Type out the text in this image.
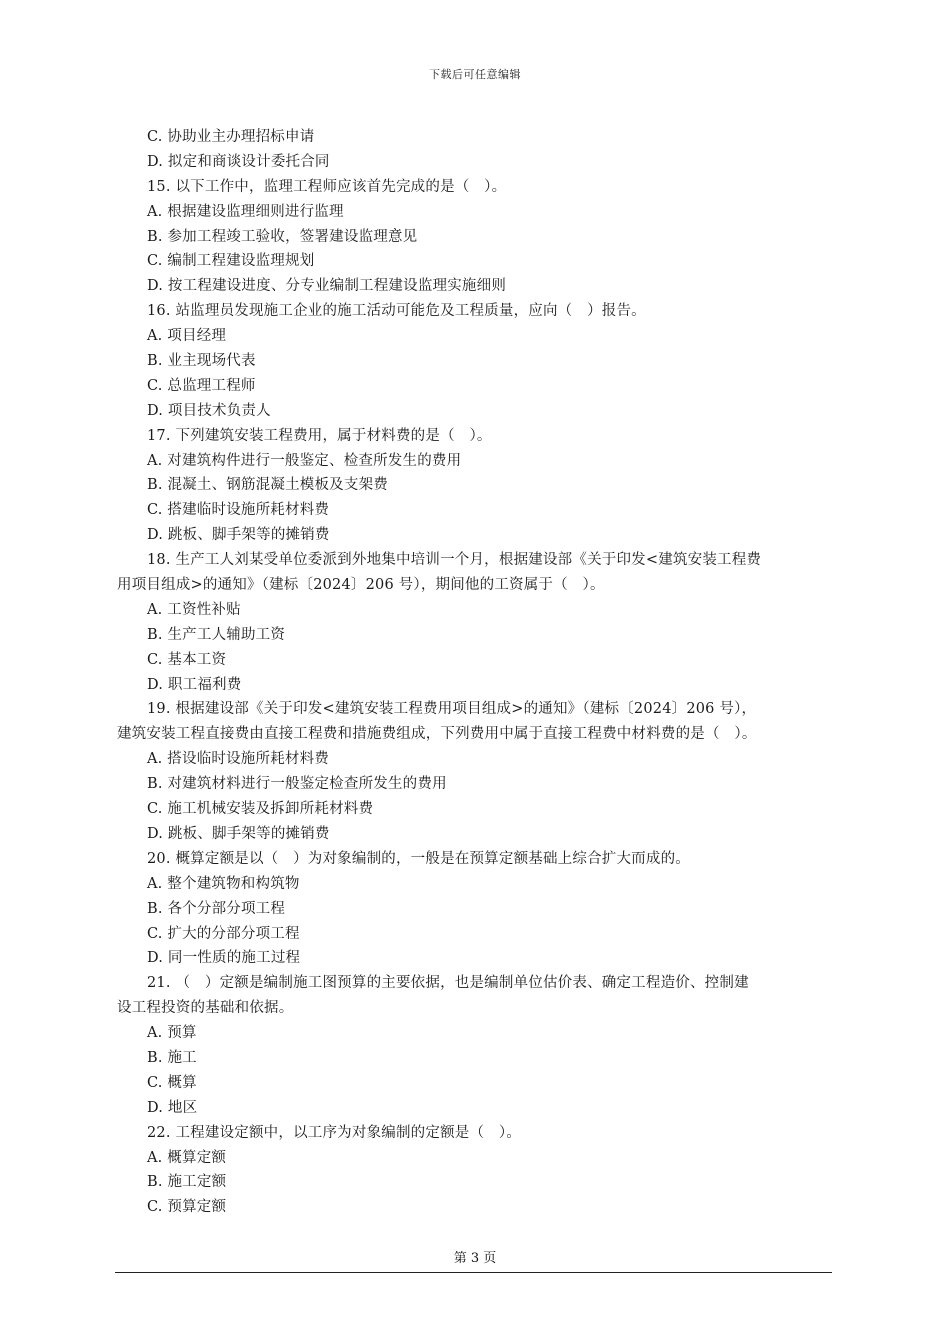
下载后可任意编辑
C. 协助业主办理招标申请
D. 拟定和商谈设计委托合同
15. 以下工作中，监理工程师应该首先完成的是（　）。
A. 根据建设监理细则进行监理
B. 参加工程竣工验收，签署建设监理意见
C. 编制工程建设监理规划
D. 按工程建设进度、分专业编制工程建设监理实施细则
16. 站监理员发现施工企业的施工活动可能危及工程质量，应向（　）报告。
A. 项目经理
B. 业主现场代表
C. 总监理工程师
D. 项目技术负责人
17. 下列建筑安装工程费用，属于材料费的是（　）。
A. 对建筑构件进行一般鉴定、检查所发生的费用
B. 混凝土、钢筋混凝土模板及支架费
C. 搭建临时设施所耗材料费
D. 跳板、脚手架等的摊销费
18. 生产工人刘某受单位委派到外地集中培训一个月，根据建设部《关于印发<建筑安装工程费
用项目组成>的通知》（建标〔2024〕206 号），期间他的工资属于（　）。
A. 工资性补贴
B. 生产工人辅助工资
C. 基本工资
D. 职工福利费
19. 根据建设部《关于印发<建筑安装工程费用项目组成>的通知》（建标〔2024〕206 号），
建筑安装工程直接费由直接工程费和措施费组成，下列费用中属于直接工程费中材料费的是（　）。
A. 搭设临时设施所耗材料费
B. 对建筑材料进行一般鉴定检查所发生的费用
C. 施工机械安装及拆卸所耗材料费
D. 跳板、脚手架等的摊销费
20. 概算定额是以（　）为对象编制的，一般是在预算定额基础上综合扩大而成的。
A. 整个建筑物和构筑物
B. 各个分部分项工程
C. 扩大的分部分项工程
D. 同一性质的施工过程
21. （　）定额是编制施工图预算的主要依据，也是编制单位估价表、确定工程造价、控制建
设工程投资的基础和依据。
A. 预算
B. 施工
C. 概算
D. 地区
22. 工程建设定额中，以工序为对象编制的定额是（　）。
A. 概算定额
B. 施工定额
C. 预算定额
第 3 页
